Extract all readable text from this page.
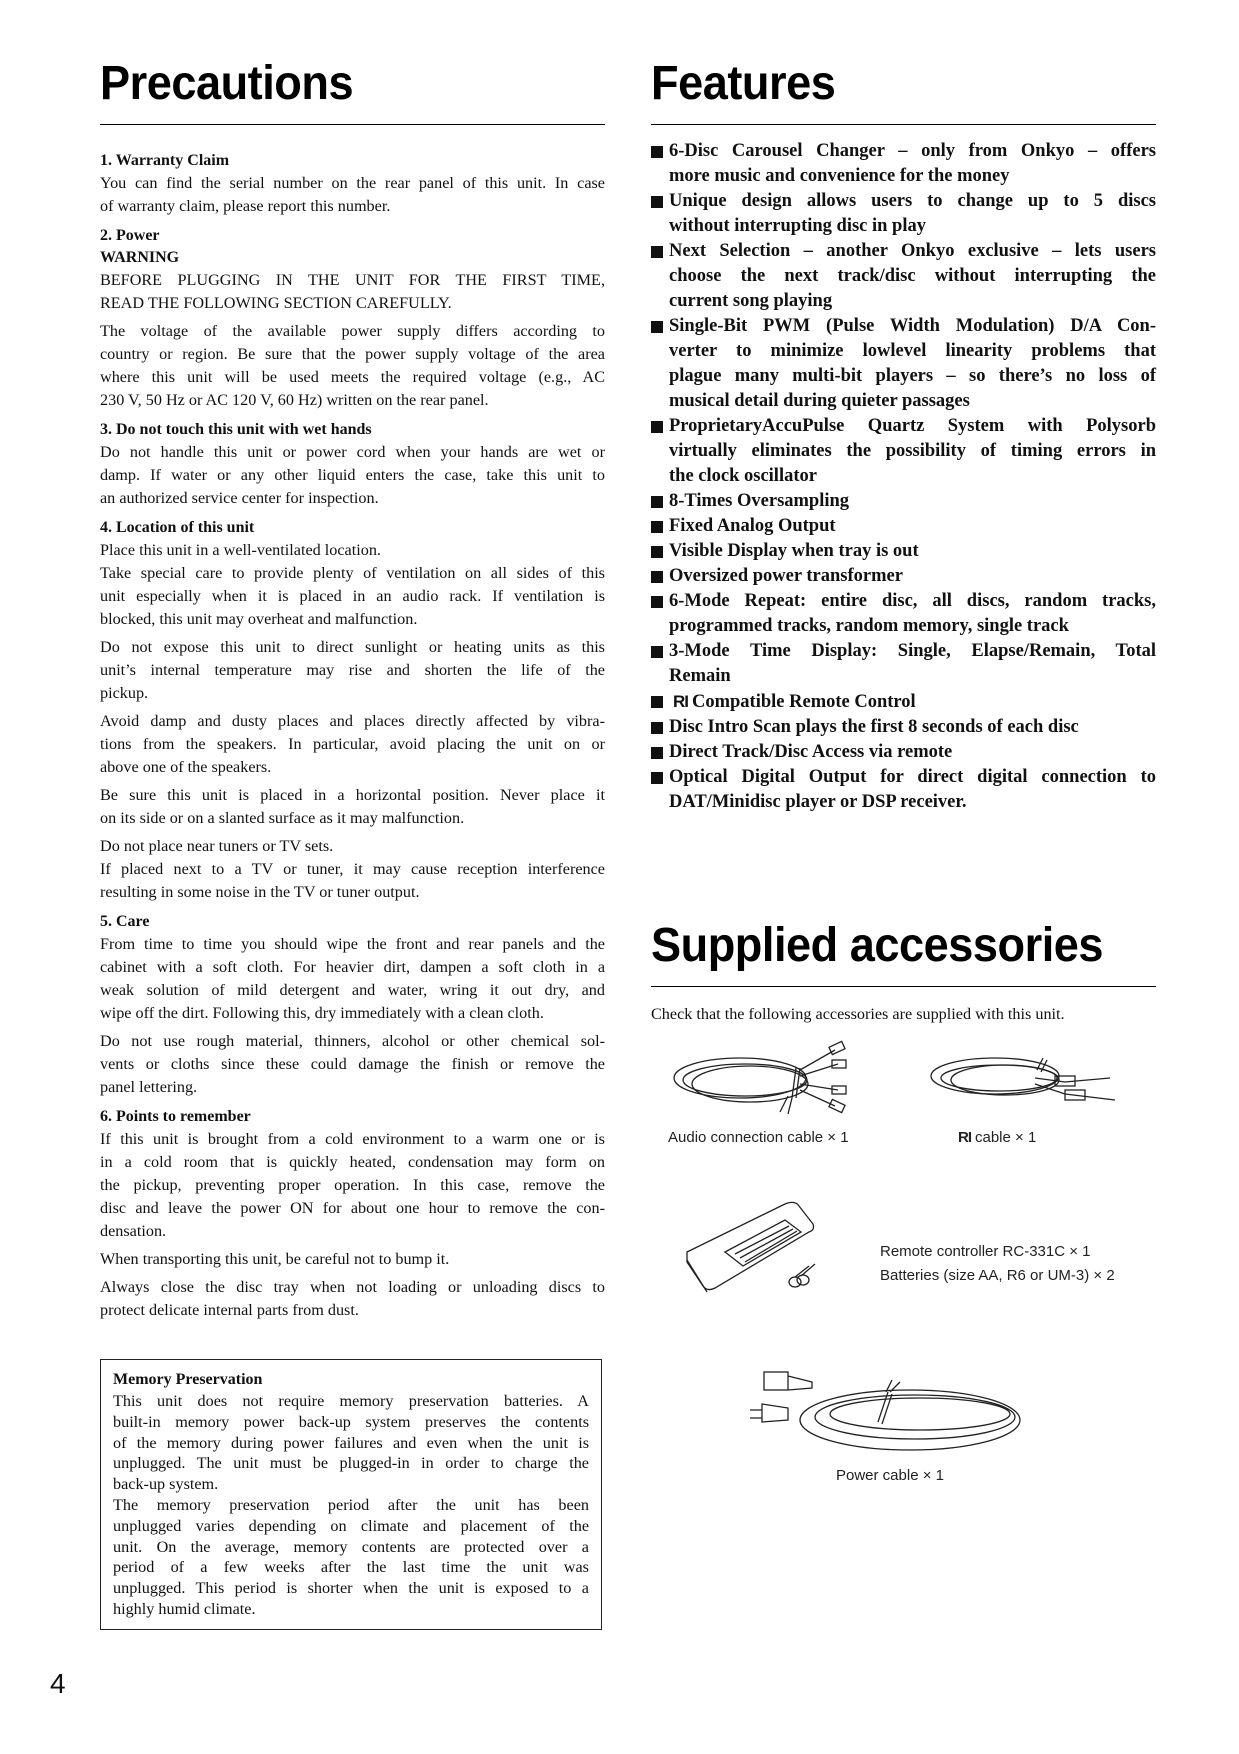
Precautions
1. Warranty Claim
You can find the serial number on the rear panel of this unit. In case
of warranty claim, please report this number.
2. Power
WARNING
BEFORE PLUGGING IN THE UNIT FOR THE FIRST TIME,
READ THE FOLLOWING SECTION CAREFULLY.
The voltage of the available power supply differs according to
country or region. Be sure that the power supply voltage of the area
where this unit will be used meets the required voltage (e.g., AC
230 V, 50 Hz or AC 120 V, 60 Hz) written on the rear panel.
3. Do not touch this unit with wet hands
Do not handle this unit or power cord when your hands are wet or
damp. If water or any other liquid enters the case, take this unit to
an authorized service center for inspection.
4. Location of this unit
Place this unit in a well-ventilated location.
Take special care to provide plenty of ventilation on all sides of this
unit especially when it is placed in an audio rack. If ventilation is
blocked, this unit may overheat and malfunction.
Do not expose this unit to direct sunlight or heating units as this
unit’s internal temperature may rise and shorten the life of the
pickup.
Avoid damp and dusty places and places directly affected by vibra-
tions from the speakers. In particular, avoid placing the unit on or
above one of the speakers.
Be sure this unit is placed in a horizontal position. Never place it
on its side or on a slanted surface as it may malfunction.
Do not place near tuners or TV sets.
If placed next to a TV or tuner, it may cause reception interference
resulting in some noise in the TV or tuner output.
5. Care
From time to time you should wipe the front and rear panels and the
cabinet with a soft cloth. For heavier dirt, dampen a soft cloth in a
weak solution of mild detergent and water, wring it out dry, and
wipe off the dirt. Following this, dry immediately with a clean cloth.
Do not use rough material, thinners, alcohol or other chemical sol-
vents or cloths since these could damage the finish or remove the
panel lettering.
6. Points to remember
If this unit is brought from a cold environment to a warm one or is
in a cold room that is quickly heated, condensation may form on
the pickup, preventing proper operation. In this case, remove the
disc and leave the power ON for about one hour to remove the con-
densation.
When transporting this unit, be careful not to bump it.
Always close the disc tray when not loading or unloading discs to
protect delicate internal parts from dust.
Memory Preservation
This unit does not require memory preservation batteries. A
built-in memory power back-up system preserves the contents
of the memory during power failures and even when the unit is
unplugged. The unit must be plugged-in in order to charge the
back-up system.
The memory preservation period after the unit has been
unplugged varies depending on climate and placement of the
unit. On the average, memory contents are protected over a
period of a few weeks after the last time the unit was
unplugged. This period is shorter when the unit is exposed to a
highly humid climate.
Features
6-Disc Carousel Changer – only from Onkyo – offers
more music and convenience for the money
Unique design allows users to change up to 5 discs
without interrupting disc in play
Next Selection – another Onkyo exclusive – lets users
choose the next track/disc without interrupting the
current song playing
Single-Bit PWM (Pulse Width Modulation) D/A Con-
verter to minimize lowlevel linearity problems that
plague many multi-bit players – so there’s no loss of
musical detail during quieter passages
ProprietaryAccuPulse Quartz System with Polysorb
virtually eliminates the possibility of timing errors in
the clock oscillator
8-Times Oversampling
Fixed Analog Output
Visible Display when tray is out
Oversized power transformer
6-Mode Repeat: entire disc, all discs, random tracks,
programmed tracks, random memory, single track
3-Mode Time Display: Single, Elapse/Remain, Total
Remain
RI Compatible Remote Control
Disc Intro Scan plays the first 8 seconds of each disc
Direct Track/Disc Access via remote
Optical Digital Output for direct digital connection to
DAT/Minidisc player or DSP receiver.
Supplied accessories
Check that the following accessories are supplied with this unit.
Audio connection cable × 1	RI cable × 1
Remote controller RC-331C × 1
Batteries (size AA, R6 or UM-3) × 2
Power cable × 1
4
